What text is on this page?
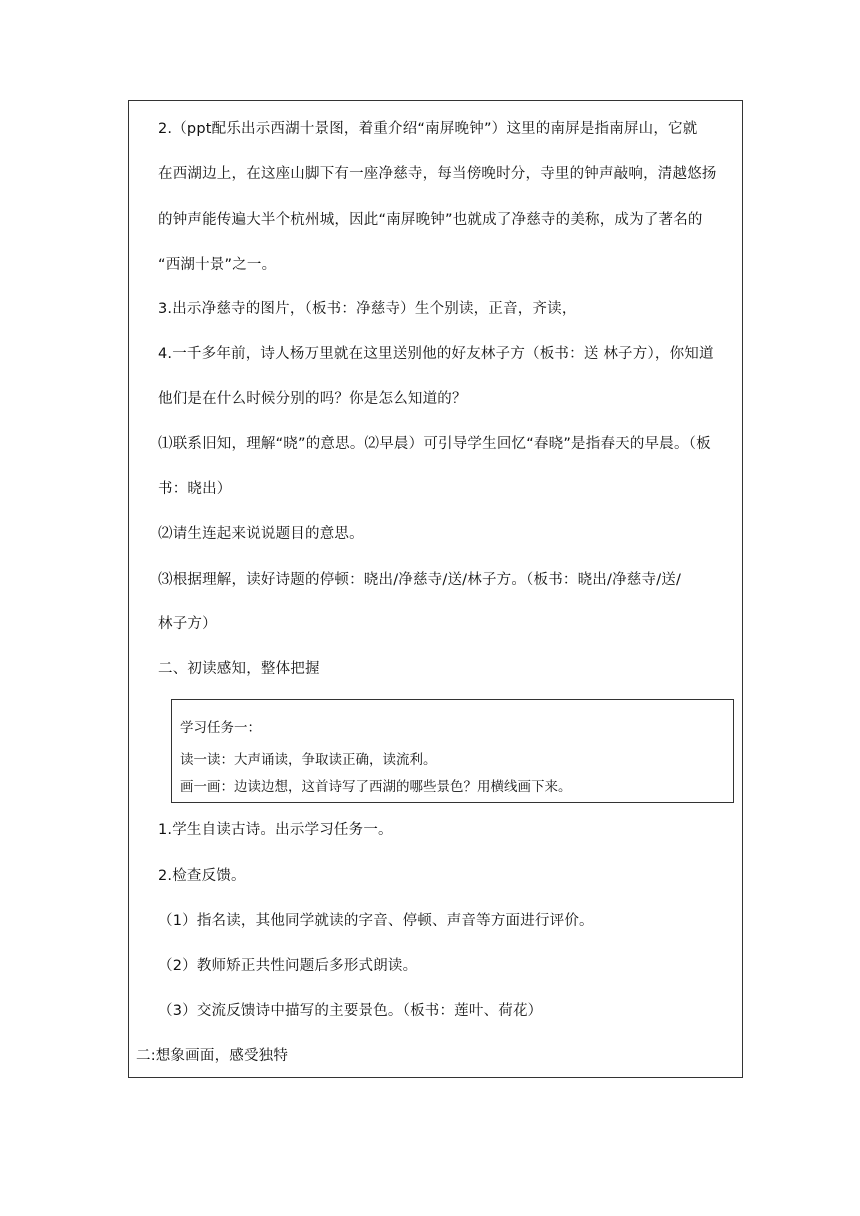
2.（ppt配乐出示西湖十景图，着重介绍“南屏晚钟”）这里的南屏是指南屏山，它就
在西湖边上，在这座山脚下有一座净慈寺，每当傍晚时分，寺里的钟声敲响，清越悠扬
的钟声能传遍大半个杭州城，因此“南屏晚钟”也就成了净慈寺的美称，成为了著名的
“西湖十景”之一。
3.出示净慈寺的图片，（板书：净慈寺）生个别读，正音，齐读，
4.一千多年前，诗人杨万里就在这里送别他的好友林子方（板书：送 林子方），你知道
他们是在什么时候分别的吗？你是怎么知道的？
⑴联系旧知，理解“晓”的意思。⑵早晨）可引导学生回忆“春晓”是指春天的早晨。（板
书：晓出）
⑵请生连起来说说题目的意思。
⑶根据理解，读好诗题的停顿：晓出/净慈寺/送/林子方。（板书：晓出/净慈寺/送/
林子方）
二、初读感知，整体把握
学习任务一：
读一读：大声诵读，争取读正确，读流利。
画一画：边读边想，这首诗写了西湖的哪些景色？用横线画下来。
1.学生自读古诗。出示学习任务一。
2.检查反馈。
（1）指名读，其他同学就读的字音、停顿、声音等方面进行评价。
（2）教师矫正共性问题后多形式朗读。
（3）交流反馈诗中描写的主要景色。（板书：莲叶、荷花）
二:想象画面，感受独特
